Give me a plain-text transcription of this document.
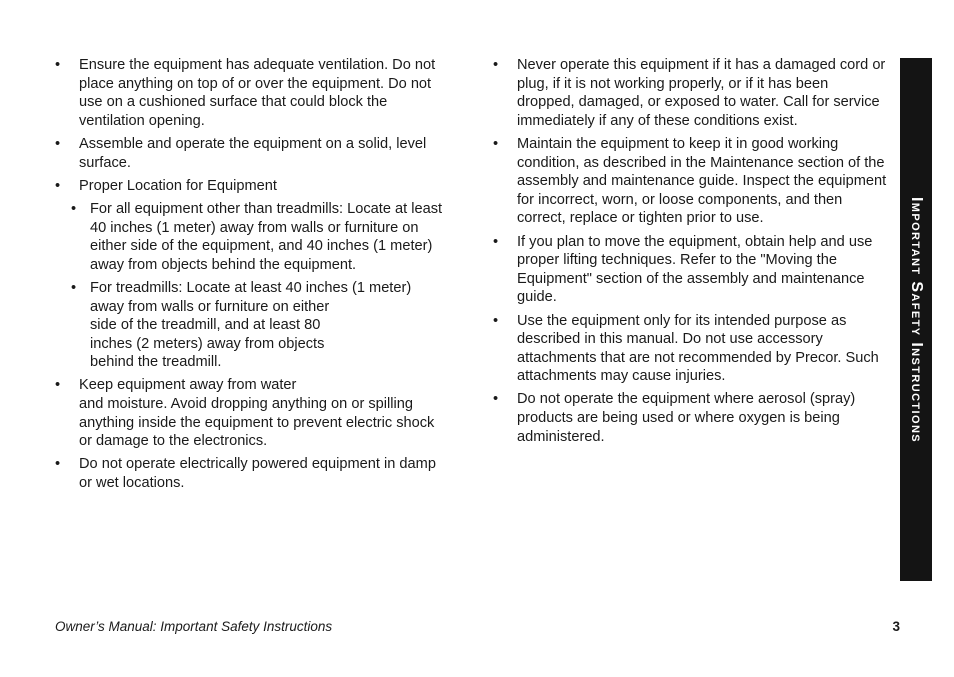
• Ensure the equipment has adequate ventilation. Do not place anything on top of or over the equipment. Do not use on a cushioned surface that could block the ventilation opening.
• Assemble and operate the equipment on a solid, level surface.
• Proper Location for Equipment
• For all equipment other than treadmills: Locate at least 40 inches (1 meter) away from walls or furniture on either side of the equipment, and 40 inches (1 meter) away from objects behind the equipment.
• For treadmills: Locate at least 40 inches (1 meter)
away from walls or furniture on either
side of the treadmill, and at least 80
inches (2 meters) away from objects
behind the treadmill.
• Keep equipment away from water
and moisture. Avoid dropping anything on or spilling anything inside the equipment to prevent electric shock or damage to the electronics.
• Do not operate electrically powered equipment in damp or wet locations.
• Never operate this equipment if it has a damaged cord or plug, if it is not working properly, or if it has been dropped, damaged, or exposed to water. Call for service immediately if any of these conditions exist.
• Maintain the equipment to keep it in good working condition, as described in the Maintenance section of the assembly and maintenance guide. Inspect the equipment for incorrect, worn, or loose components, and then correct, replace or tighten prior to use.
• If you plan to move the equipment, obtain help and use proper lifting techniques. Refer to the "Moving the Equipment" section of the assembly and maintenance guide.
• Use the equipment only for its intended purpose as described in this manual. Do not use accessory attachments that are not recommended by Precor. Such attachments may cause injuries.
• Do not operate the equipment where aerosol (spray) products are being used or where oxygen is being administered.	Important Safety Instructions
Owner’s Manual: Important Safety Instructions	3
